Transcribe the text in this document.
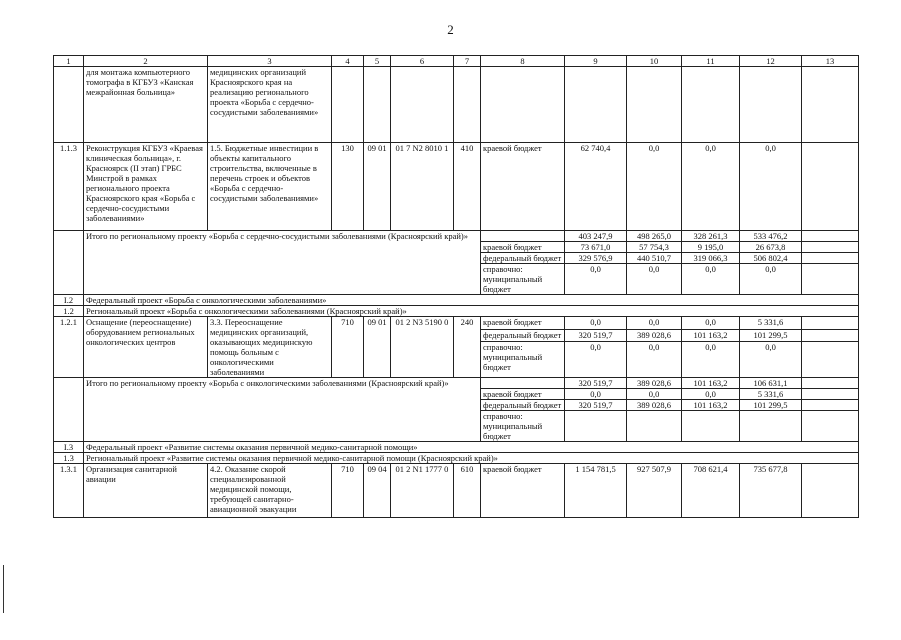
2
1	2	3	4	5	6	7	8	9	10	11	12	13
	для монтажа компьютерного томографа в КГБУЗ «Канская межрайонная больница»	медицинских организаций Красноярского края на реализацию регионального проекта «Борьба с сердечно-сосудистыми заболеваниями»										
1.1.3	Реконструкция КГБУЗ «Краевая клиническая больница», г. Красноярск (II этап) ГРБС Минстрой в рамках регионального проекта Красноярского края «Борьба с сердечно-сосудистыми заболеваниями»	1.5. Бюджетные инвестиции в объекты капитального строительства, включенные в перечень строек и объектов «Борьба с сердечно-сосудистыми заболеваниями»	130	09 01	01 7 N2 8010 1	410	краевой бюджет	62 740,4	0,0	0,0	0,0	
	Итого по региональному проекту «Борьба с сердечно-сосудистыми заболеваниями (Красноярский край)»							403 247,9	498 265,0	328 261,3	533 476,2	
							краевой бюджет	73 671,0	57 754,3	9 195,0	26 673,8	
							федеральный бюджет	329 576,9	440 510,7	319 066,3	506 802,4	
							справочно: муниципальный бюджет	0,0	0,0	0,0	0,0	
I.2	Федеральный проект «Борьба с онкологическими заболеваниями»											
1.2	Региональный проект «Борьба с онкологическими заболеваниями (Красноярский край)»											
1.2.1	Оснащение (переоснащение) оборудованием региональных онкологических центров	3.3. Переоснащение медицинских организаций, оказывающих медицинскую помощь больным с онкологическими заболеваниями	710	09 01	01 2 N3 5190 0	240	краевой бюджет	0,0	0,0	0,0	5 331,6	
							федеральный бюджет	320 519,7	389 028,6	101 163,2	101 299,5	
							справочно: муниципальный бюджет	0,0	0,0	0,0	0,0	
	Итого по региональному проекту «Борьба с онкологическими заболеваниями (Красноярский край)»							320 519,7	389 028,6	101 163,2	106 631,1	
							краевой бюджет	0,0	0,0	0,0	5 331,6	
							федеральный бюджет	320 519,7	389 028,6	101 163,2	101 299,5	
							справочно: муниципальный бюджет					
I.3	Федеральный проект «Развитие системы оказания первичной медико-санитарной помощи»											
1.3	Региональный проект «Развитие системы оказания первичной медико-санитарной помощи (Красноярский край)»											
1.3.1	Организация санитарной авиации	4.2. Оказание скорой специализированной медицинской помощи, требующей санитарно-авиационной эвакуации	710	09 04	01 2 N1 1777 0	610	краевой бюджет	1 154 781,5	927 507,9	708 621,4	735 677,8	
